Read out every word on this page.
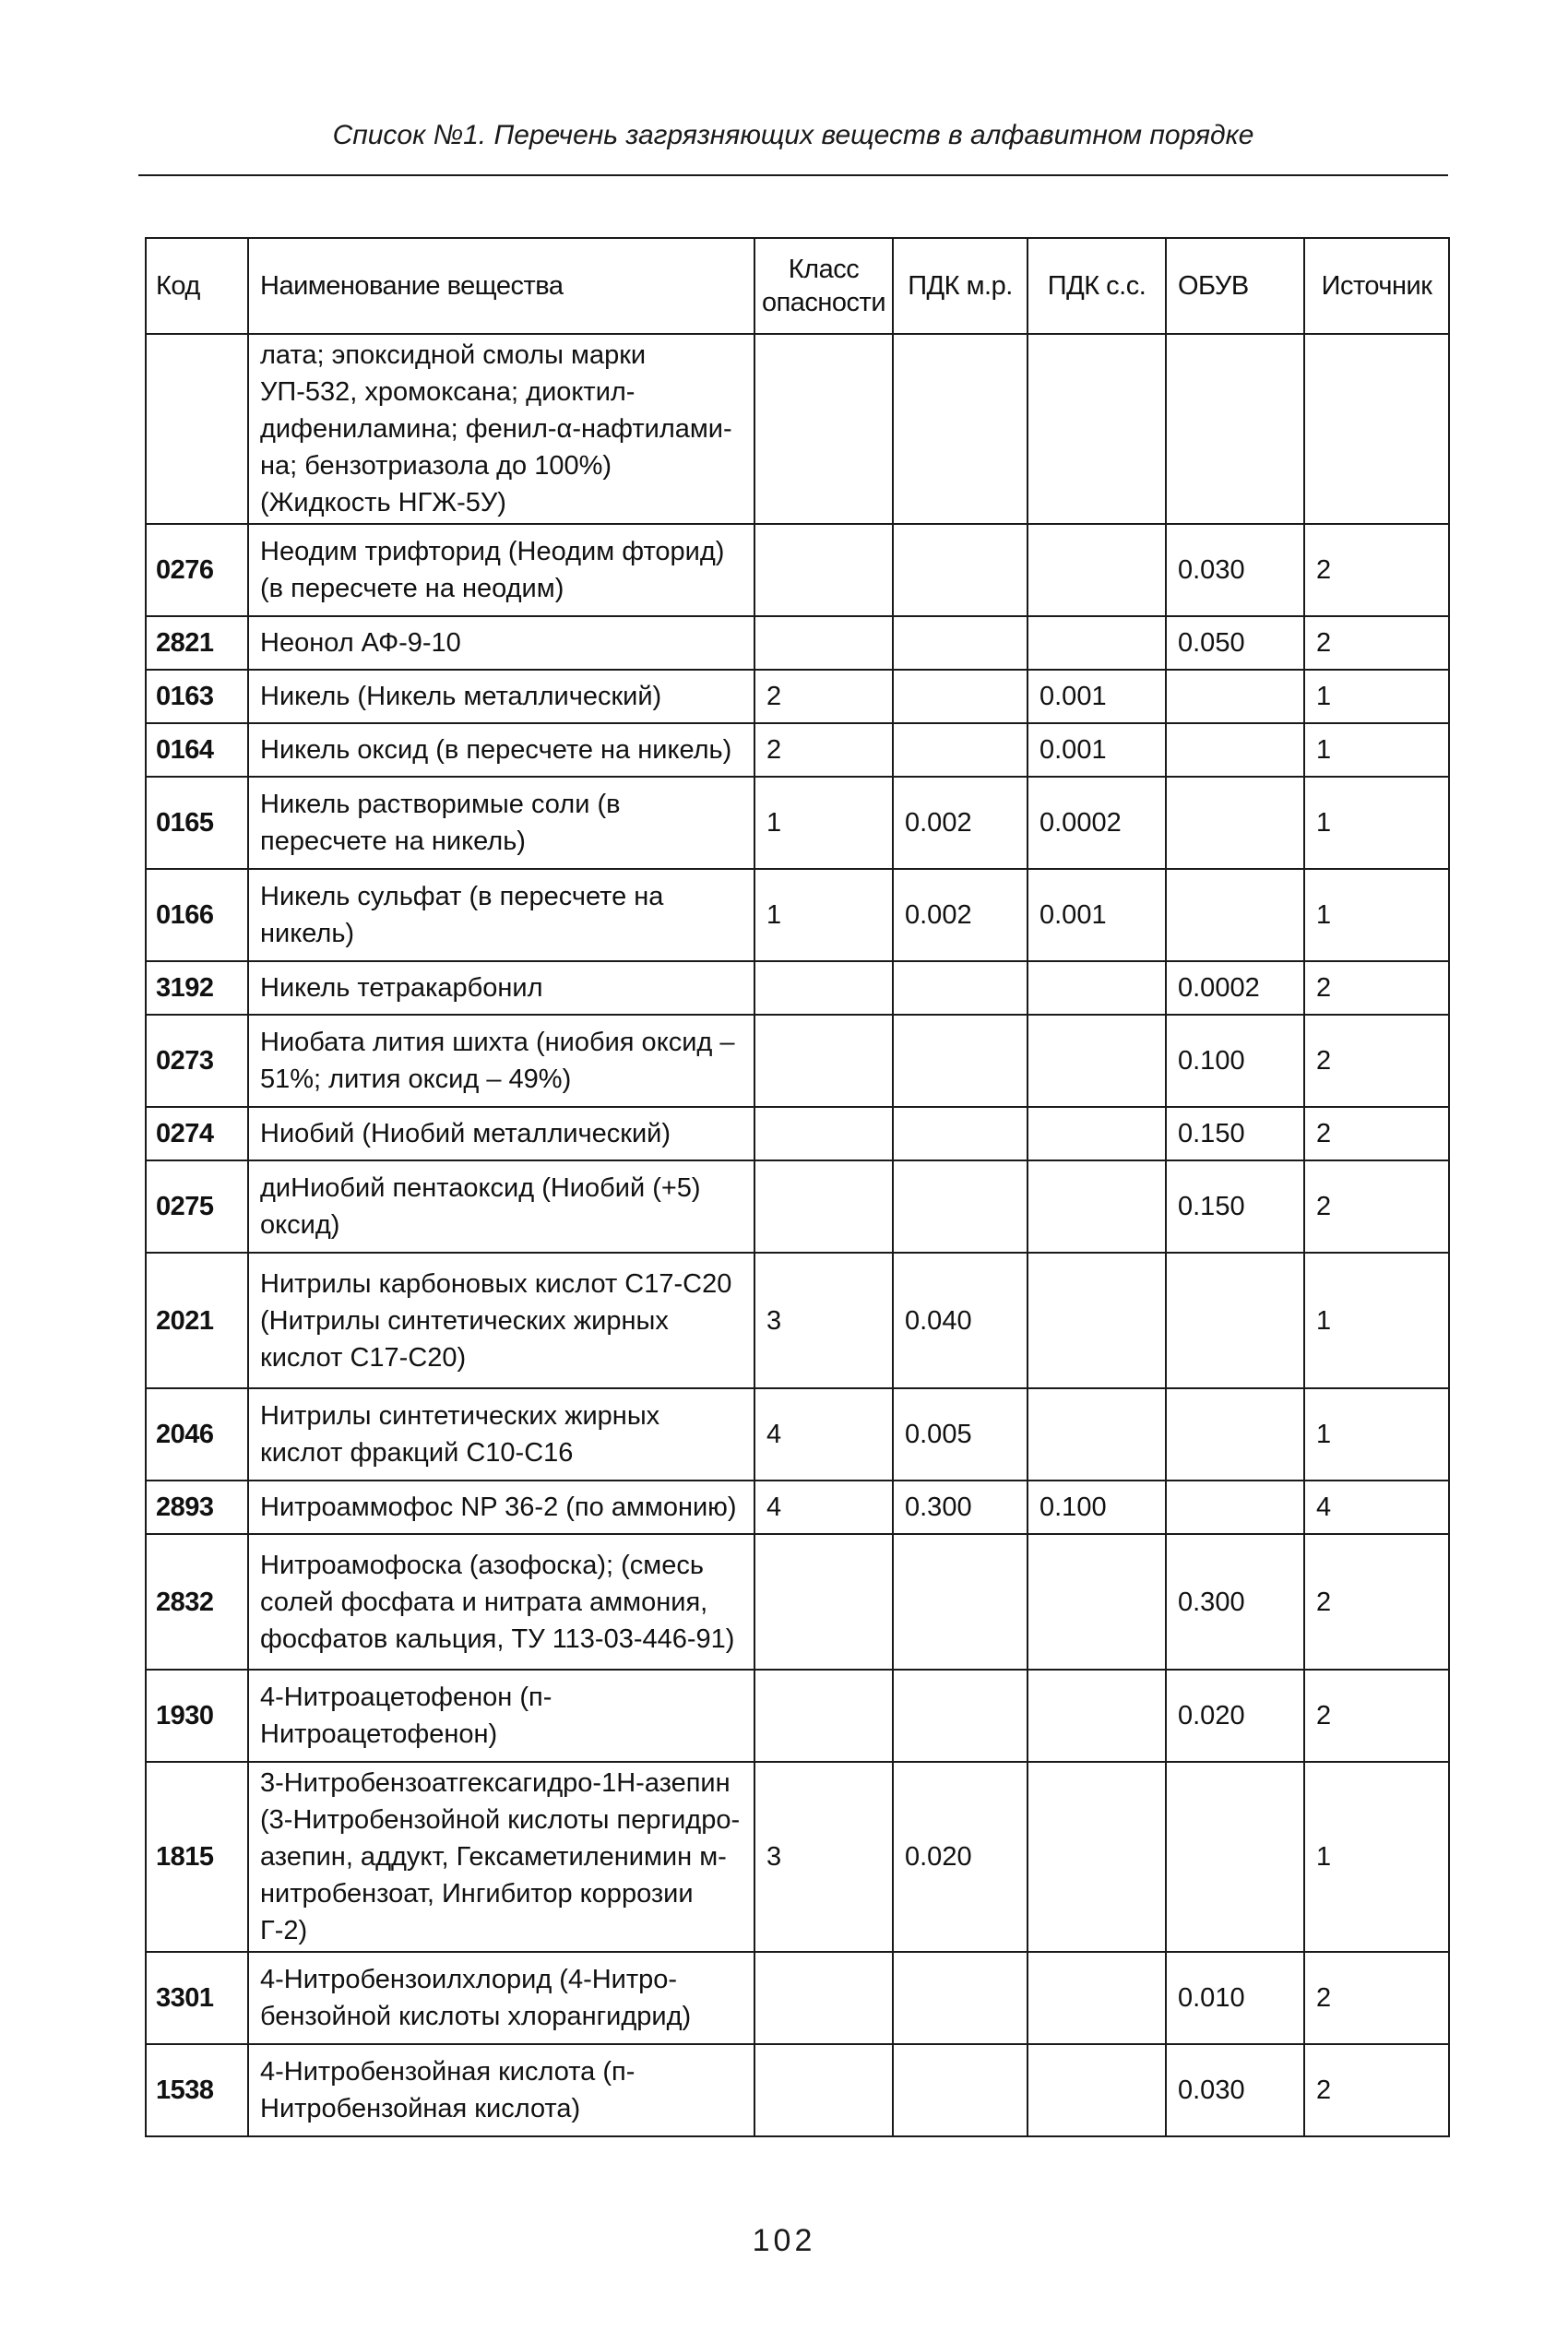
Список №1. Перечень загрязняющих веществ в алфавитном порядке
Код	Наименование вещества	Класс опасности	ПДК м.р.	ПДК с.с.	ОБУВ	Источник
	лата; эпоксидной смолы марки УП-532, хромоксана; диоктил-дифениламина; фенил-α-нафтилами-на; бензотриазола до 100%) (Жидкость НГЖ-5У)					
0276	Неодим трифторид (Неодим фторид) (в пересчете на неодим)				0.030	2
2821	Неонол АФ-9-10				0.050	2
0163	Никель (Никель металлический)	2		0.001		1
0164	Никель оксид (в пересчете на никель)	2		0.001		1
0165	Никель растворимые соли (в пересчете на никель)	1	0.002	0.0002		1
0166	Никель сульфат (в пересчете на никель)	1	0.002	0.001		1
3192	Никель тетракарбонил				0.0002	2
0273	Ниобата лития шихта (ниобия оксид – 51%; лития оксид – 49%)				0.100	2
0274	Ниобий (Ниобий металлический)				0.150	2
0275	диНиобий пентаоксид (Ниобий (+5) оксид)				0.150	2
2021	Нитрилы карбоновых кислот C17-C20 (Нитрилы синтетических жирных кислот C17-C20)	3	0.040			1
2046	Нитрилы синтетических жирных кислот фракций C10-C16	4	0.005			1
2893	Нитроаммофос NP 36-2 (по аммонию)	4	0.300	0.100		4
2832	Нитроамофоска (азофоска); (смесь солей фосфата и нитрата аммония, фосфатов кальция, ТУ 113-03-446-91)				0.300	2
1930	4-Нитроацетофенон (п-Нитроацетофенон)				0.020	2
1815	3-Нитробензоатгексагидро-1Н-азепин (3-Нитробензойной кислоты пергидро-азепин, аддукт, Гексаметиленимин м-нитробензоат, Ингибитор коррозии Г-2)	3	0.020			1
3301	4-Нитробензоилхлорид (4-Нитро-бензойной кислоты хлорангидрид)				0.010	2
1538	4-Нитробензойная кислота (п-Нитробензойная кислота)				0.030	2
102
